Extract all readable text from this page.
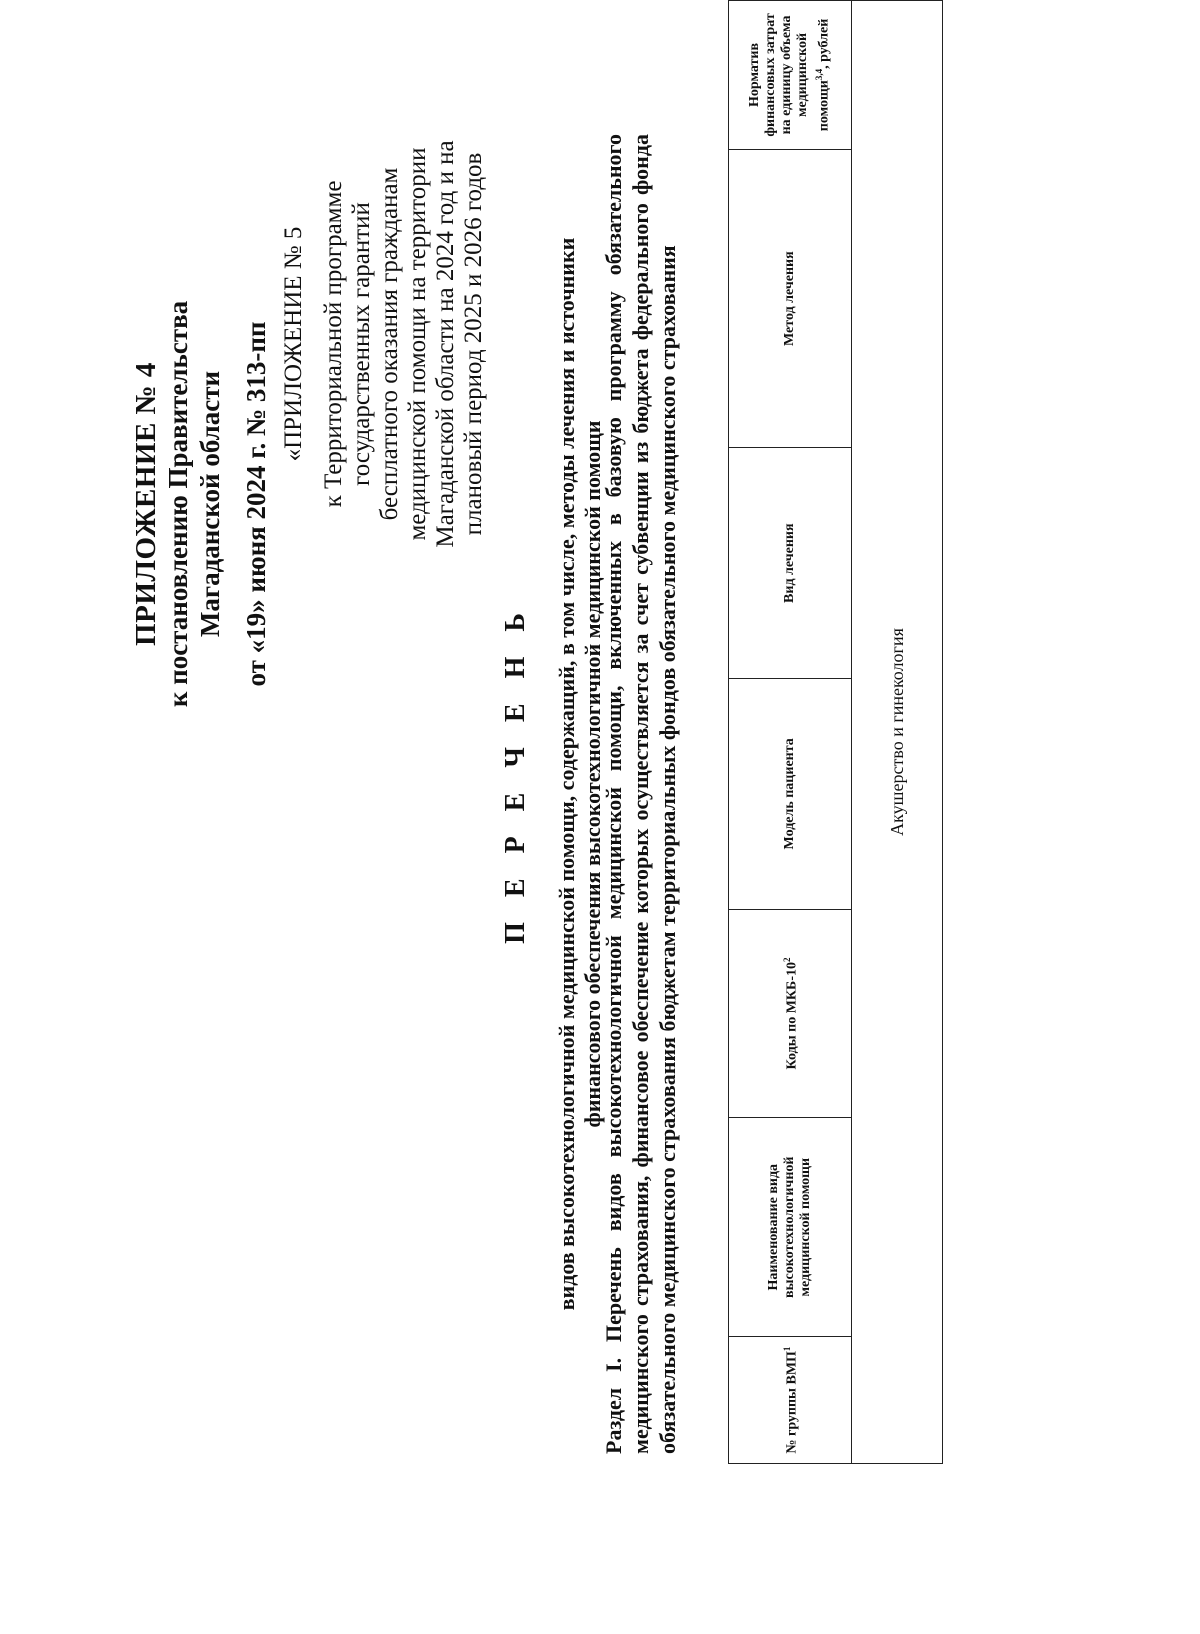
ПРИЛОЖЕНИЕ № 4 к постановлению Правительства Магаданской области от «19» июня 2024 г. № 313-пп «ПРИЛОЖЕНИЕ № 5 к Территориальной программе государственных гарантий бесплатного оказания гражданам медицинской помощи на территории Магаданской области на 2024 год и на плановый период 2025 и 2026 годов
П Е Р Е Ч Е Н Ь видов высокотехнологичной медицинской помощи, содержащий, в том числе, методы лечения и источники финансового обеспечения высокотехнологичной медицинской помощи
Раздел I. Перечень видов высокотехнологичной медицинской помощи, включенных в базовую программу обязательного медицинского страхования, финансовое обеспечение которых осуществляется за счет субвенции из бюджета федерального фонда обязательного медицинского страхования бюджетам территориальных фондов обязательного медицинского страхования	№ группы ВМП$^1$	Наименование вида высокотехнологичной медицинской помощи	Коды по МКБ-$10^2$	Модель пациента	Вид лечения	Метод лечения	Норматив финансовых затрат на единицу объема медицинской помощи$^{3,4}$, рублей
Акушерство и гинекология
